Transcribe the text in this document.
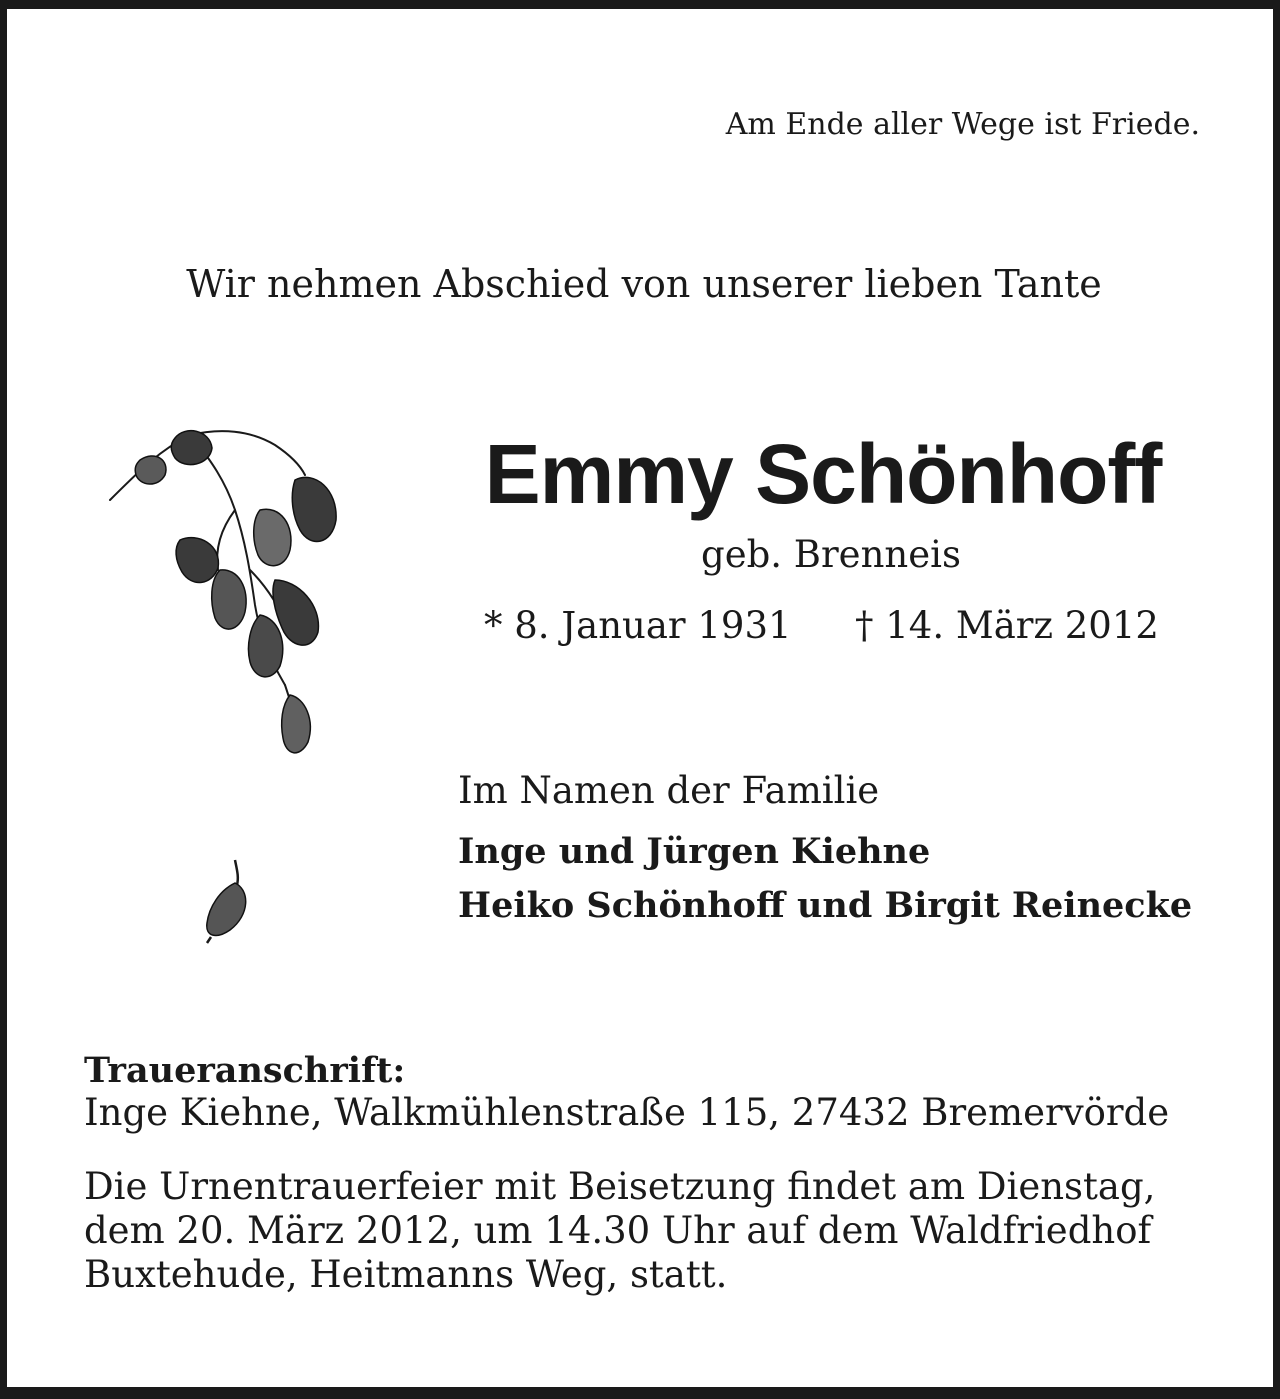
Am Ende aller Wege ist Friede.

Wir nehmen Abschied von unserer lieben Tante

Emmy Schönhoff

geb. Brenneis

* 8. Januar 1931 † 14. März 2012

Im Namen der Familie

Inge und Jürgen Kiehne

Heiko Schönhoff und Birgit Reinecke

Traueranschrift:

Inge Kiehne, Walkmühlenstraße 115, 27432 Bremervörde

Die Urnentrauerfeier mit Beisetzung findet am Dienstag,

dem 20. März 2012, um 14.30 Uhr auf dem Waldfriedhof

Buxtehude, Heitmanns Weg, statt.
